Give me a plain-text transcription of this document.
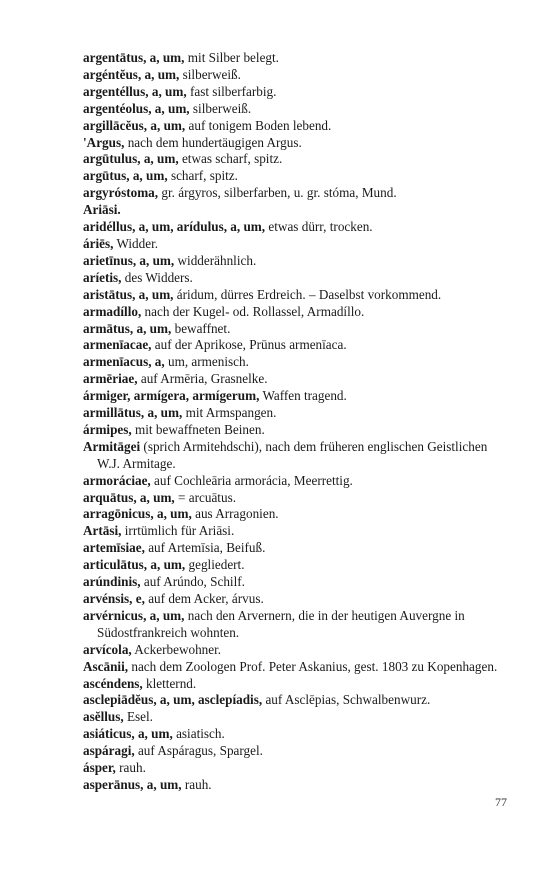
argentātus, a, um, mit Silber belegt.
argéntĕus, a, um, silberweiß.
argentéllus, a, um, fast silberfarbig.
argentéolus, a, um, silberweiß.
argillācĕus, a, um, auf tonigem Boden lebend.
'Argus, nach dem hundertäugigen Argus.
argūtulus, a, um, etwas scharf, spitz.
argūtus, a, um, scharf, spitz.
argyróstoma, gr. árgyros, silberfarben, u. gr. stóma, Mund.
Ariāsi.
aridéllus, a, um, arídulus, a, um, etwas dürr, trocken.
áriēs, Widder.
arietīnus, a, um, widderähnlich.
aríetis, des Widders.
aristātus, a, um, áridum, dürres Erdreich. – Daselbst vorkommend.
armadíllo, nach der Kugel- od. Rollassel, Armadíllo.
armātus, a, um, bewaffnet.
armenīacae, auf der Aprikose, Prūnus armenīaca.
armenīacus, a, um, armenisch.
armēriae, auf Armēria, Grasnelke.
ármiger, armígera, armígerum, Waffen tragend.
armillātus, a, um, mit Armspangen.
ármipes, mit bewaffneten Beinen.
Armitāgei (sprich Armitehdschi), nach dem früheren englischen Geistlichen W.J. Armitage.
armoráciae, auf Cochleāria armorácia, Meerrettig.
arquātus, a, um, = arcuātus.
arragōnicus, a, um, aus Arragonien.
Artāsi, irrtümlich für Ariāsi.
artemīsiae, auf Artemīsia, Beifuß.
articulātus, a, um, gegliedert.
arúndinis, auf Arúndo, Schilf.
arvénsis, e, auf dem Acker, árvus.
arvérnicus, a, um, nach den Arvernern, die in der heutigen Auvergne in Südostfrankreich wohnten.
arvícola, Ackerbewohner.
Ascānii, nach dem Zoologen Prof. Peter Askanius, gest. 1803 zu Kopenhagen.
ascéndens, kletternd.
asclepiādĕus, a, um, asclepíadis, auf Asclēpias, Schwalbenwurz.
asĕllus, Esel.
asiáticus, a, um, asiatisch.
aspáragi, auf Aspáragus, Spargel.
ásper, rauh.
asperānus, a, um, rauh.
77
